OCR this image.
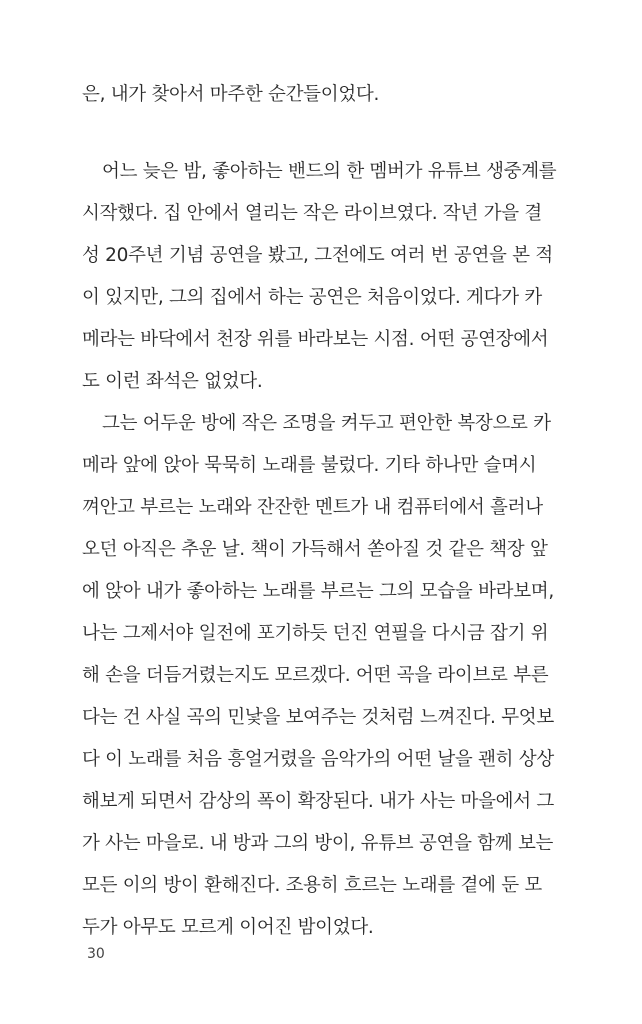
은, 내가 찾아서 마주한 순간들이었다.
어느 늦은 밤, 좋아하는 밴드의 한 멤버가 유튜브 생중계를
시작했다. 집 안에서 열리는 작은 라이브였다. 작년 가을 결
성 20주년 기념 공연을 봤고, 그전에도 여러 번 공연을 본 적
이 있지만, 그의 집에서 하는 공연은 처음이었다. 게다가 카
메라는 바닥에서 천장 위를 바라보는 시점. 어떤 공연장에서
도 이런 좌석은 없었다.
그는 어두운 방에 작은 조명을 켜두고 편안한 복장으로 카
메라 앞에 앉아 묵묵히 노래를 불렀다. 기타 하나만 슬며시
껴안고 부르는 노래와 잔잔한 멘트가 내 컴퓨터에서 흘러나
오던 아직은 추운 날. 책이 가득해서 쏟아질 것 같은 책장 앞
에 앉아 내가 좋아하는 노래를 부르는 그의 모습을 바라보며,
나는 그제서야 일전에 포기하듯 던진 연필을 다시금 잡기 위
해 손을 더듬거렸는지도 모르겠다. 어떤 곡을 라이브로 부른
다는 건 사실 곡의 민낯을 보여주는 것처럼 느껴진다. 무엇보
다 이 노래를 처음 흥얼거렸을 음악가의 어떤 날을 괜히 상상
해보게 되면서 감상의 폭이 확장된다. 내가 사는 마을에서 그
가 사는 마을로. 내 방과 그의 방이, 유튜브 공연을 함께 보는
모든 이의 방이 환해진다. 조용히 흐르는 노래를 곁에 둔 모
두가 아무도 모르게 이어진 밤이었다.
30
